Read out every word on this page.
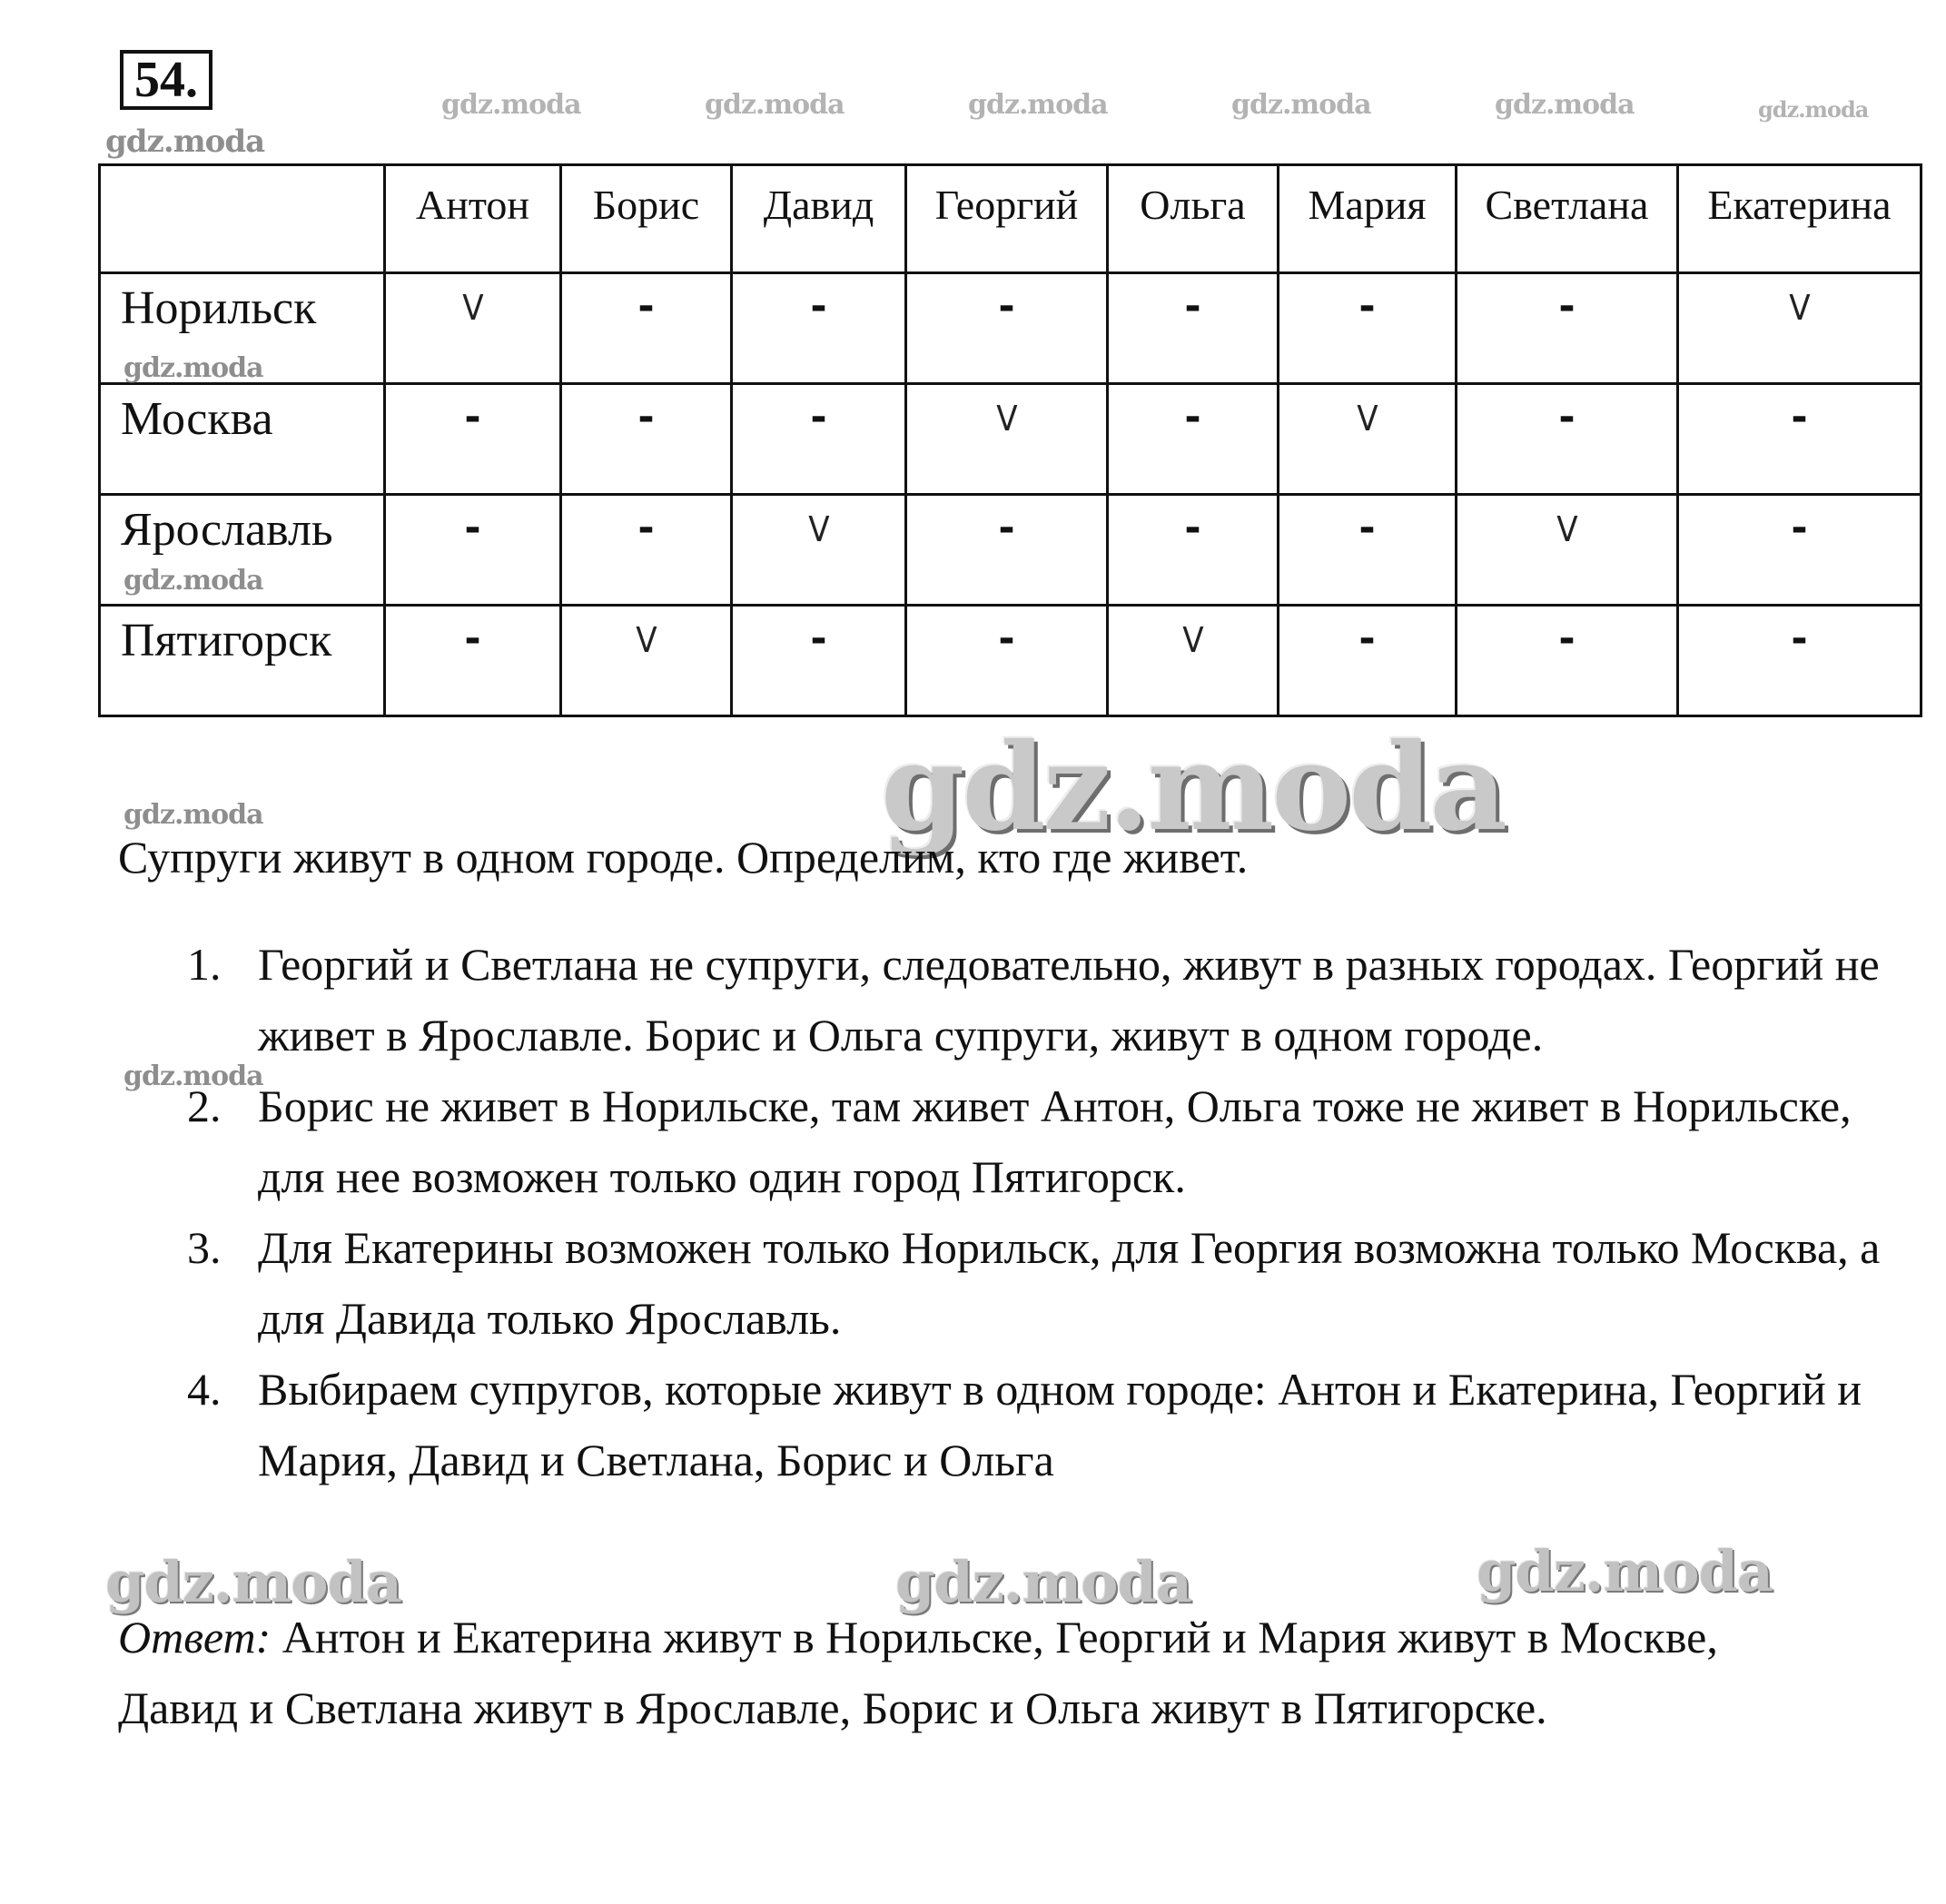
54.	gdz.moda	gdz.moda	gdz.moda	gdz.moda	gdz.moda	gdz.moda
gdz.moda
	Антон	Борис	Давид	Георгий	Ольга	Мария	Светлана	Екатерина
Норильск	V	-	-	-	-	-	-	V
Москва	-	-	-	V	-	V	-	-
Ярославль	-	-	V	-	-	-	V	-
Пятигорск	-	V	-	-	V	-	-	-
gdz.moda
gdz.moda
gdz.moda
gdz.moda
Супруги живут в одном городе. Определим, кто где живет.
1. Георгий и Светлана не супруги, следовательно, живут в разных городах. Георгий не живет в Ярославле. Борис и Ольга супруги, живут в одном городе.
2. Борис не живет в Норильске, там живет Антон, Ольга тоже не живет в Норильске, для нее возможен только один город Пятигорск.
3. Для Екатерины возможен только Норильск, для Георгия возможна только Москва, а для Давида только Ярославль.
4. Выбираем супругов, которые живут в одном городе: Антон и Екатерина, Георгий и Мария, Давид и Светлана, Борис и Ольга
gdz.moda
gdz.moda	gdz.moda	gdz.moda
Ответ: Антон и Екатерина живут в Норильске, Георгий и Мария живут в Москве, Давид и Светлана живут в Ярославле, Борис и Ольга живут в Пятигорске.
